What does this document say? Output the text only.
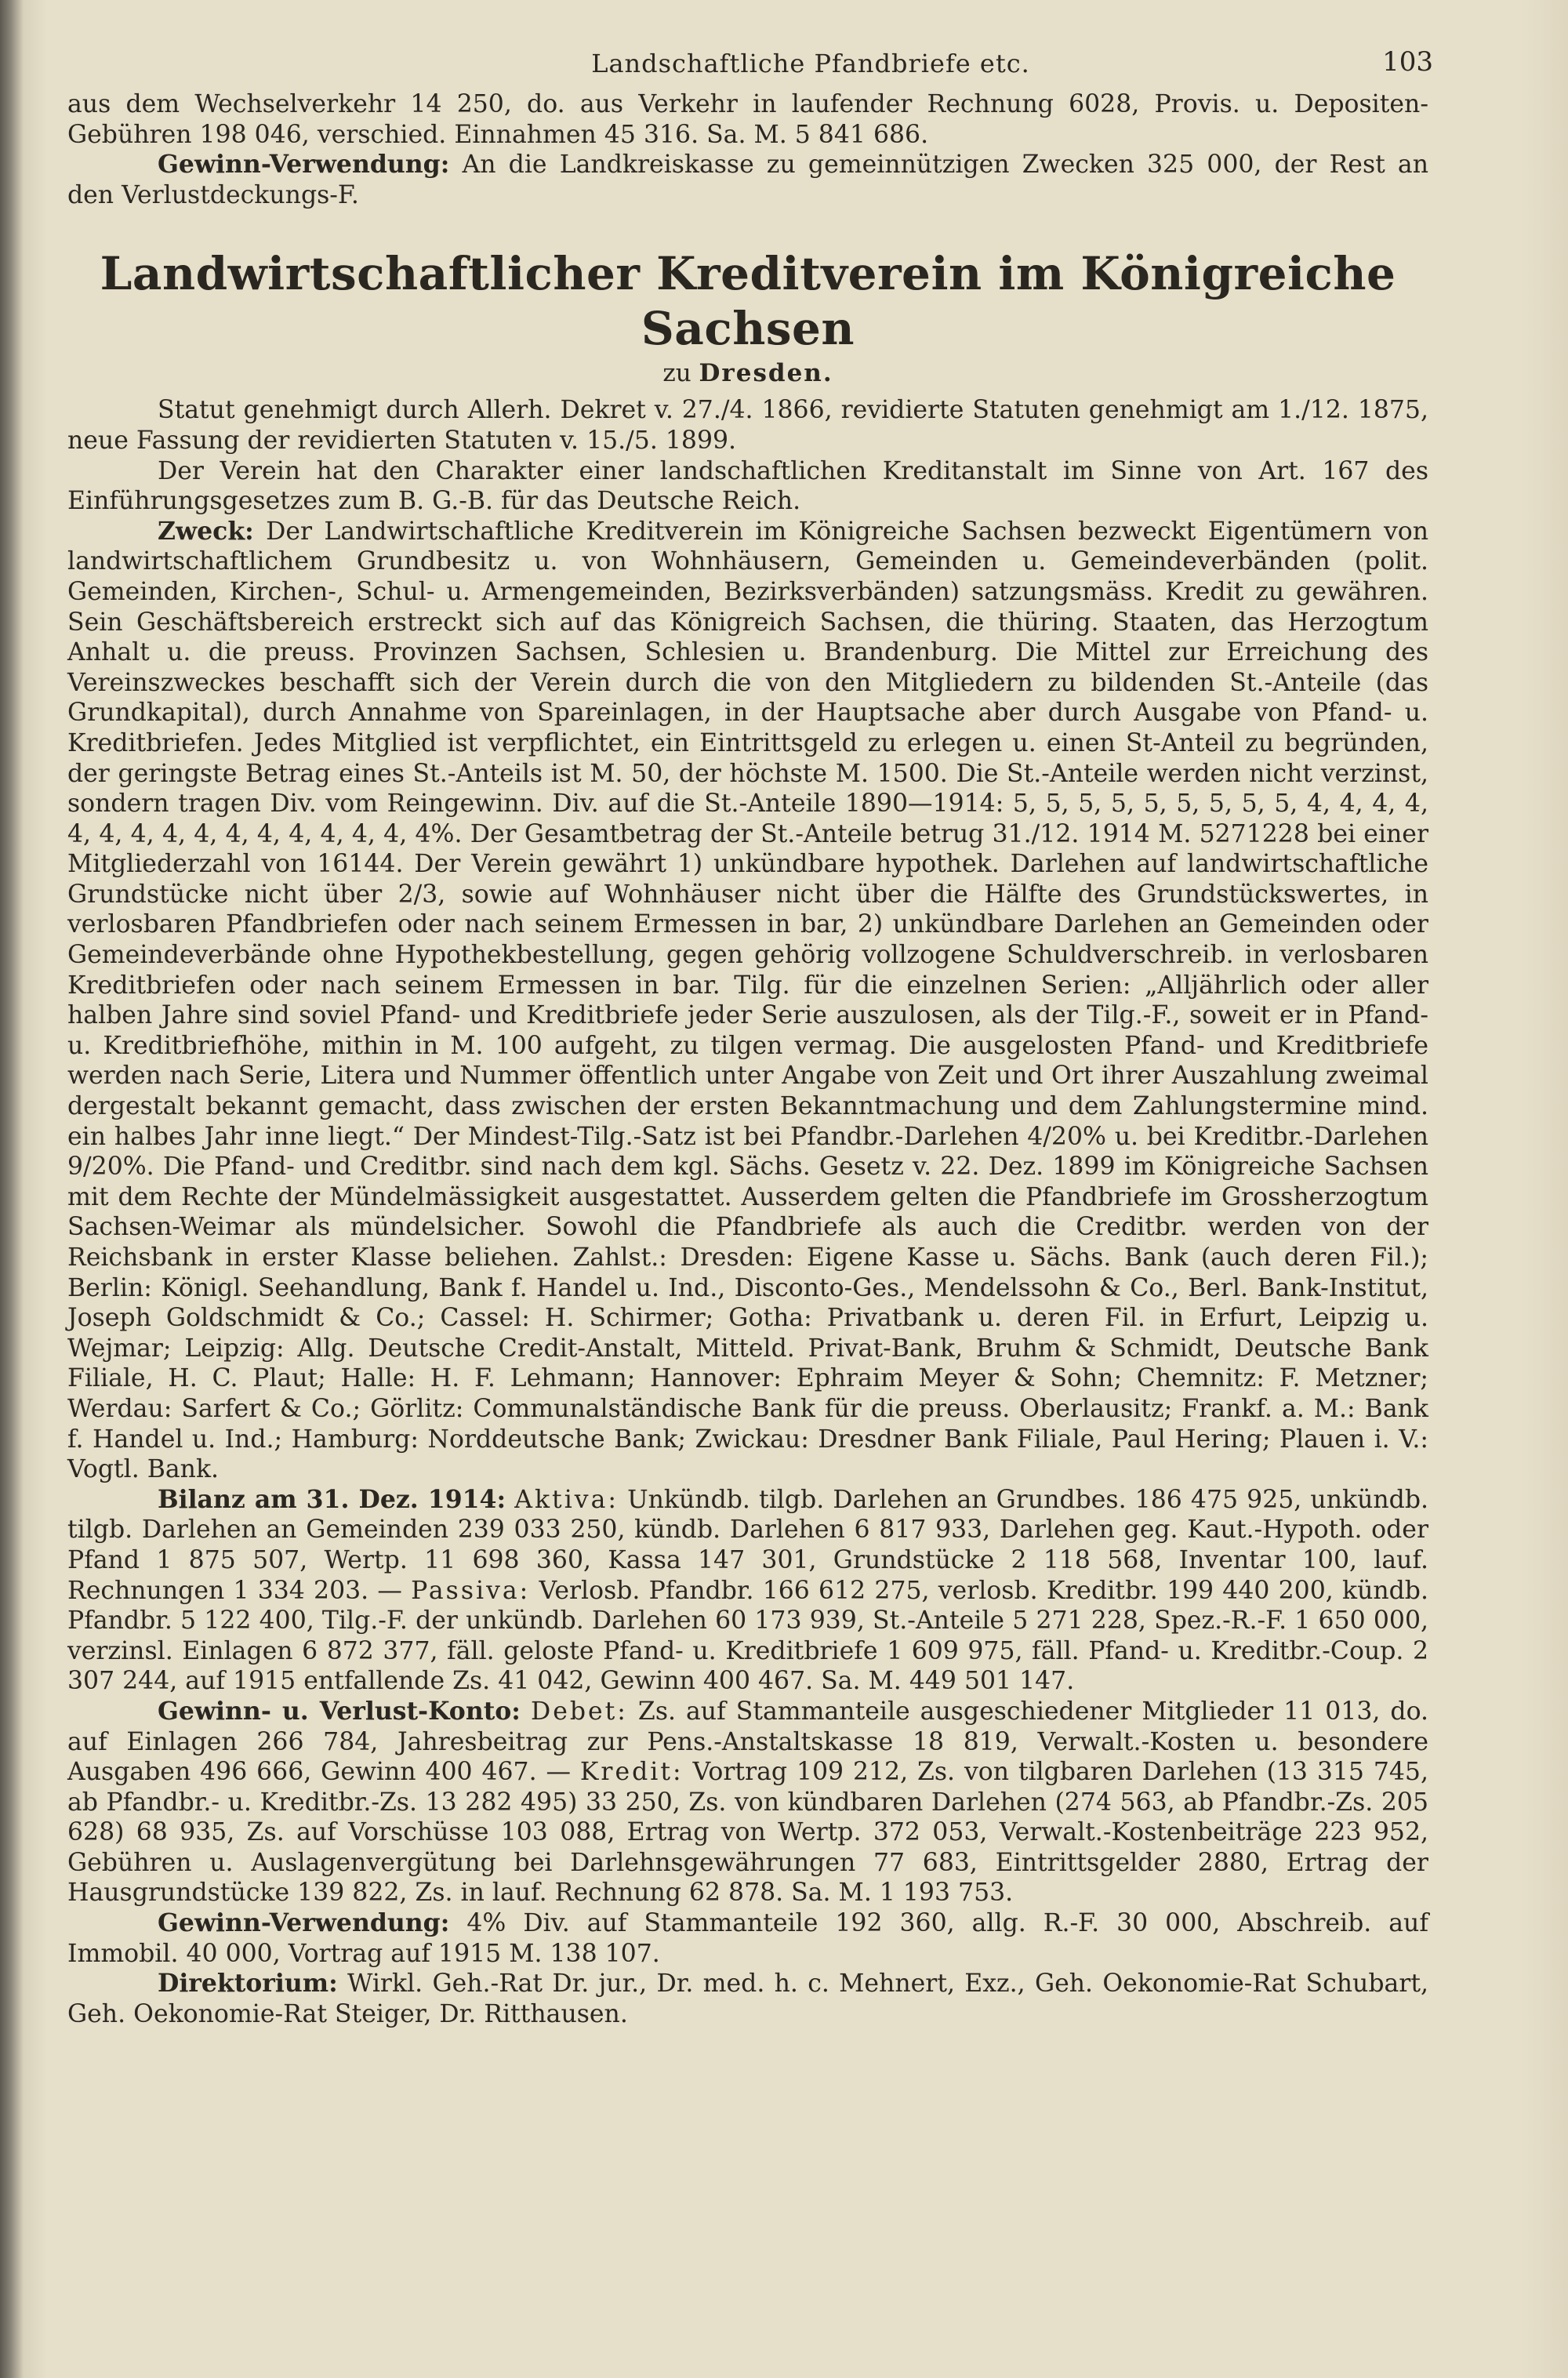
Landschaftliche Pfandbriefe etc.	103

aus dem Wechselverkehr 14 250, do. aus Verkehr in laufender Rechnung 6028, Provis. u. Depositen-Gebühren 198 046, verschied. Einnahmen 45 316. Sa. M. 5 841 686.

Gewinn-Verwendung: An die Landkreiskasse zu gemeinnützigen Zwecken 325 000, der Rest an den Verlustdeckungs-F.

Landwirtschaftlicher Kreditverein im Königreiche Sachsen
zu Dresden.

Statut genehmigt durch Allerh. Dekret v. 27./4. 1866, revidierte Statuten genehmigt am 1./12. 1875, neue Fassung der revidierten Statuten v. 15./5. 1899.

Der Verein hat den Charakter einer landschaftlichen Kreditanstalt im Sinne von Art. 167 des Einführungsgesetzes zum B. G.-B. für das Deutsche Reich.

Zweck: Der Landwirtschaftliche Kreditverein im Königreiche Sachsen bezweckt Eigentümern von landwirtschaftlichem Grundbesitz u. von Wohnhäusern, Gemeinden u. Gemeindeverbänden (polit. Gemeinden, Kirchen-, Schul- u. Armengemeinden, Bezirksverbänden) satzungsmäss. Kredit zu gewähren. Sein Geschäftsbereich erstreckt sich auf das Königreich Sachsen, die thüring. Staaten, das Herzogtum Anhalt u. die preuss. Provinzen Sachsen, Schlesien u. Brandenburg. Die Mittel zur Erreichung des Vereinszweckes beschafft sich der Verein durch die von den Mitgliedern zu bildenden St.-Anteile (das Grundkapital), durch Annahme von Spareinlagen, in der Hauptsache aber durch Ausgabe von Pfand- u. Kreditbriefen. Jedes Mitglied ist verpflichtet, ein Eintrittsgeld zu erlegen u. einen St-Anteil zu begründen, der geringste Betrag eines St.-Anteils ist M. 50, der höchste M. 1500. Die St.-Anteile werden nicht verzinst, sondern tragen Div. vom Reingewinn. Div. auf die St.-Anteile 1890—1914: 5, 5, 5, 5, 5, 5, 5, 5, 5, 4, 4, 4, 4, 4, 4, 4, 4, 4, 4, 4, 4, 4, 4, 4, 4%. Der Gesamtbetrag der St.-Anteile betrug 31./12. 1914 M. 5271228 bei einer Mitgliederzahl von 16144. Der Verein gewährt 1) unkündbare hypothek. Darlehen auf landwirtschaftliche Grundstücke nicht über 2/3, sowie auf Wohnhäuser nicht über die Hälfte des Grundstückswertes, in verlosbaren Pfandbriefen oder nach seinem Ermessen in bar, 2) unkündbare Darlehen an Gemeinden oder Gemeindeverbände ohne Hypothekbestellung, gegen gehörig vollzogene Schuldverschreib. in verlosbaren Kreditbriefen oder nach seinem Ermessen in bar. Tilg. für die einzelnen Serien: „Alljährlich oder aller halben Jahre sind soviel Pfand- und Kreditbriefe jeder Serie auszulosen, als der Tilg.-F., soweit er in Pfand- u. Kreditbriefhöhe, mithin in M. 100 aufgeht, zu tilgen vermag. Die ausgelosten Pfand- und Kreditbriefe werden nach Serie, Litera und Nummer öffentlich unter Angabe von Zeit und Ort ihrer Auszahlung zweimal dergestalt bekannt gemacht, dass zwischen der ersten Bekanntmachung und dem Zahlungstermine mind. ein halbes Jahr inne liegt.“ Der Mindest-Tilg.-Satz ist bei Pfandbr.-Darlehen 4/20% u. bei Kreditbr.-Darlehen 9/20%. Die Pfand- und Creditbr. sind nach dem kgl. Sächs. Gesetz v. 22. Dez. 1899 im Königreiche Sachsen mit dem Rechte der Mündelmässigkeit ausgestattet. Ausserdem gelten die Pfandbriefe im Grossherzogtum Sachsen-Weimar als mündelsicher. Sowohl die Pfandbriefe als auch die Creditbr. werden von der Reichsbank in erster Klasse beliehen. Zahlst.: Dresden: Eigene Kasse u. Sächs. Bank (auch deren Fil.); Berlin: Königl. Seehandlung, Bank f. Handel u. Ind., Disconto-Ges., Mendelssohn & Co., Berl. Bank-Institut, Joseph Goldschmidt & Co.; Cassel: H. Schirmer; Gotha: Privatbank u. deren Fil. in Erfurt, Leipzig u. Wejmar; Leipzig: Allg. Deutsche Credit-Anstalt, Mitteld. Privat-Bank, Bruhm & Schmidt, Deutsche Bank Filiale, H. C. Plaut; Halle: H. F. Lehmann; Hannover: Ephraim Meyer & Sohn; Chemnitz: F. Metzner; Werdau: Sarfert & Co.; Görlitz: Communalständische Bank für die preuss. Oberlausitz; Frankf. a. M.: Bank f. Handel u. Ind.; Hamburg: Norddeutsche Bank; Zwickau: Dresdner Bank Filiale, Paul Hering; Plauen i. V.: Vogtl. Bank.

Bilanz am 31. Dez. 1914: Aktiva: Unkündb. tilgb. Darlehen an Grundbes. 186 475 925, unkündb. tilgb. Darlehen an Gemeinden 239 033 250, kündb. Darlehen 6 817 933, Darlehen geg. Kaut.-Hypoth. oder Pfand 1 875 507, Wertp. 11 698 360, Kassa 147 301, Grundstücke 2 118 568, Inventar 100, lauf. Rechnungen 1 334 203. — Passiva: Verlosb. Pfandbr. 166 612 275, verlosb. Kreditbr. 199 440 200, kündb. Pfandbr. 5 122 400, Tilg.-F. der unkündb. Darlehen 60 173 939, St.-Anteile 5 271 228, Spez.-R.-F. 1 650 000, verzinsl. Einlagen 6 872 377, fäll. geloste Pfand- u. Kreditbriefe 1 609 975, fäll. Pfand- u. Kreditbr.-Coup. 2 307 244, auf 1915 entfallende Zs. 41 042, Gewinn 400 467. Sa. M. 449 501 147.

Gewinn- u. Verlust-Konto: Debet: Zs. auf Stammanteile ausgeschiedener Mitglieder 11 013, do. auf Einlagen 266 784, Jahresbeitrag zur Pens.-Anstaltskasse 18 819, Verwalt.-Kosten u. besondere Ausgaben 496 666, Gewinn 400 467. — Kredit: Vortrag 109 212, Zs. von tilgbaren Darlehen (13 315 745, ab Pfandbr.- u. Kreditbr.-Zs. 13 282 495) 33 250, Zs. von kündbaren Darlehen (274 563, ab Pfandbr.-Zs. 205 628) 68 935, Zs. auf Vorschüsse 103 088, Ertrag von Wertp. 372 053, Verwalt.-Kostenbeiträge 223 952, Gebühren u. Auslagenvergütung bei Darlehnsgewährungen 77 683, Eintrittsgelder 2880, Ertrag der Hausgrundstücke 139 822, Zs. in lauf. Rechnung 62 878. Sa. M. 1 193 753.

Gewinn-Verwendung: 4% Div. auf Stammanteile 192 360, allg. R.-F. 30 000, Abschreib. auf Immobil. 40 000, Vortrag auf 1915 M. 138 107.

Direktorium: Wirkl. Geh.-Rat Dr. jur., Dr. med. h. c. Mehnert, Exz., Geh. Oekonomie-Rat Schubart, Geh. Oekonomie-Rat Steiger, Dr. Ritthausen.
